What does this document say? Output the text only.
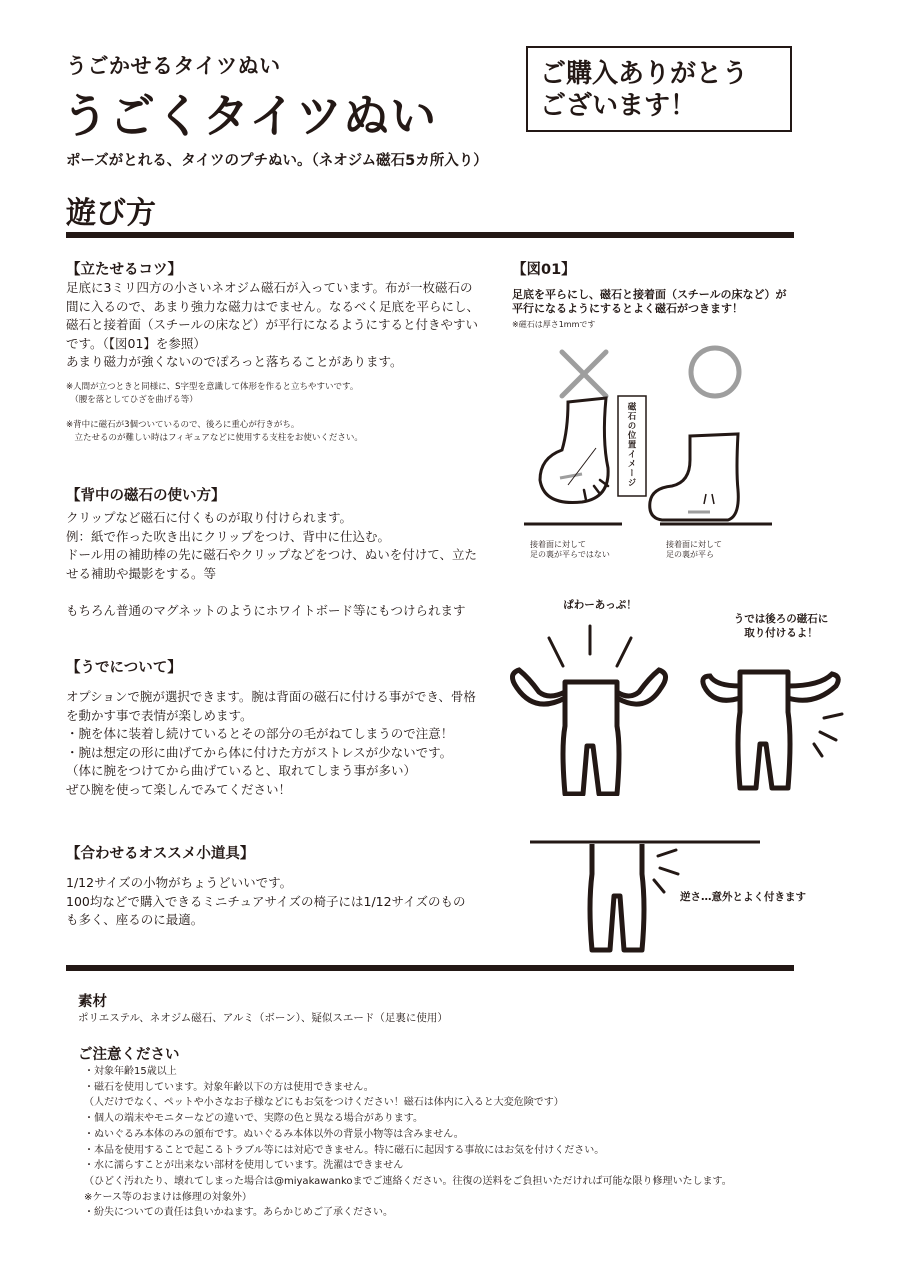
うごかせるタイツぬい
うごくタイツぬい
ご購入ありがとう
ございます！
ポーズがとれる、タイツのプチぬい。（ネオジム磁石5カ所入り）
遊び方
【立たせるコツ】
足底に3ミリ四方の小さいネオジム磁石が入っています。布が一枚磁石の
間に入るので、あまり強力な磁力はでません。なるべく足底を平らにし、
磁石と接着面（スチールの床など）が平行になるようにすると付きやすい
です。（【図01】を参照）
あまり磁力が強くないのでぽろっと落ちることがあります。
※人間が立つときと同様に、S字型を意識して体形を作ると立ちやすいです。
　（腰を落としてひざを曲げる等）
※背中に磁石が3個ついているので、後ろに重心が行きがち。
　立たせるのが難しい時はフィギュアなどに使用する支柱をお使いください。
【背中の磁石の使い方】
クリップなど磁石に付くものが取り付けられます。
例：紙で作った吹き出にクリップをつけ、背中に仕込む。
ドール用の補助棒の先に磁石やクリップなどをつけ、ぬいを付けて、立た
せる補助や撮影をする。等

もちろん普通のマグネットのようにホワイトボード等にもつけられます
【うでについて】
オプションで腕が選択できます。腕は背面の磁石に付ける事ができ、骨格
を動かす事で表情が楽しめます。
・腕を体に装着し続けているとその部分の毛がねてしまうので注意！
・腕は想定の形に曲げてから体に付けた方がストレスが少ないです。
（体に腕をつけてから曲げていると、取れてしまう事が多い）
ぜひ腕を使って楽しんでみてください！
【合わせるオススメ小道具】
1/12サイズの小物がちょうどいいです。
100均などで購入できるミニチュアサイズの椅子には1/12サイズのもの
も多く、座るのに最適。
【図01】
足底を平らにし、磁石と接着面（スチールの床など）が
平行になるようにするとよく磁石がつきます！
※磁石は厚さ1mmです
磁石の位置イメージ
接着面に対して
足の裏が平らではない
接着面に対して
足の裏が平ら
ぱわーあっぷ！
うでは後ろの磁石に
取り付けるよ！
逆さ…意外とよく付きます
素材
ポリエステル、ネオジム磁石、アルミ（ボーン）、疑似スエード（足裏に使用）
ご注意ください
・対象年齢15歳以上
・磁石を使用しています。対象年齢以下の方は使用できません。
（人だけでなく、ペットや小さなお子様などにもお気をつけください！磁石は体内に入ると大変危険です）
・個人の端末やモニターなどの違いで、実際の色と異なる場合があります。
・ぬいぐるみ本体のみの頒布です。ぬいぐるみ本体以外の背景小物等は含みません。
・本品を使用することで起こるトラブル等には対応できません。特に磁石に起因する事故にはお気を付けください。
・水に濡らすことが出来ない部材を使用しています。洗濯はできません
（ひどく汚れたり、壊れてしまった場合は@miyakawankoまでご連絡ください。往復の送料をご負担いただければ可能な限り修理いたします。
※ケース等のおまけは修理の対象外）
・紛失についての責任は負いかねます。あらかじめご了承ください。
